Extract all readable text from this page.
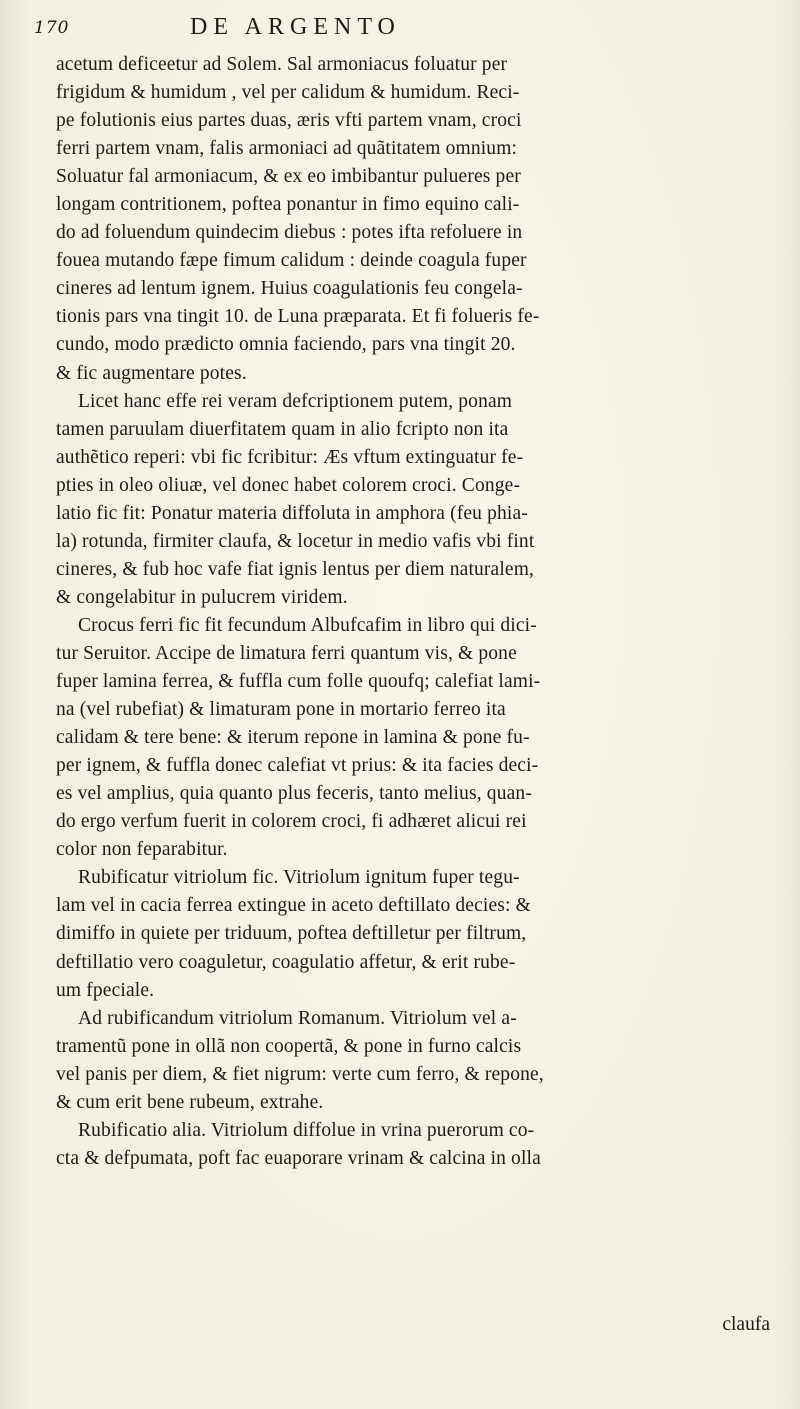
170	DE ARGENTO
acetum deficeetur ad Solem. Sal armoniacus foluatur per
frigidum & humidum , vel per calidum & humidum. Reci-
pe folutionis eius partes duas, æris vfti partem vnam, croci
ferri partem vnam, falis armoniaci ad quãtitatem omnium:
Soluatur fal armoniacum, & ex eo imbibantur pulueres per
longam contritionem, poftea ponantur in fimo equino cali-
do ad foluendum quindecim diebus : potes ifta refoluere in
fouea mutando fæpe fimum calidum : deinde coagula fuper
cineres ad lentum ignem. Huius coagulationis feu congela-
tionis pars vna tingit 10. de Luna præparata. Et fi folueris fe-
cundo, modo prædicto omnia faciendo, pars vna tingit 20.
& fic augmentare potes.
Licet hanc effe rei veram defcriptionem putem, ponam
tamen paruulam diuerfitatem quam in alio fcripto non ita
authẽtico reperi: vbi fic fcribitur: Æs vftum extinguatur fe-
pties in oleo oliuæ, vel donec habet colorem croci. Conge-
latio fic fit: Ponatur materia diffoluta in amphora (feu phia-
la) rotunda, firmiter claufa, & locetur in medio vafis vbi fint
cineres, & fub hoc vafe fiat ignis lentus per diem naturalem,
& congelabitur in pulucrem viridem.
Crocus ferri fic fit fecundum Albufcafim in libro qui dici-
tur Seruitor. Accipe de limatura ferri quantum vis, & pone
fuper lamina ferrea, & fuffla cum folle quoufq; calefiat lami-
na (vel rubefiat) & limaturam pone in mortario ferreo ita
calidam & tere bene: & iterum repone in lamina & pone fu-
per ignem, & fuffla donec calefiat vt prius: & ita facies deci-
es vel amplius, quia quanto plus feceris, tanto melius, quan-
do ergo verfum fuerit in colorem croci, fi adhæret alicui rei
color non feparabitur.
Rubificatur vitriolum fic. Vitriolum ignitum fuper tegu-
lam vel in cacia ferrea extingue in aceto deftillato decies: &
dimiffo in quiete per triduum, poftea deftilletur per filtrum,
deftillatio vero coaguletur, coagulatio affetur, & erit rube-
um fpeciale.
Ad rubificandum vitriolum Romanum. Vitriolum vel a-
tramentũ pone in ollã non coopertã, & pone in furno calcis
vel panis per diem, & fiet nigrum: verte cum ferro, & repone,
& cum erit bene rubeum, extrahe.
Rubificatio alia. Vitriolum diffolue in vrina puerorum co-
cta & defpumata, poft fac euaporare vrinam & calcina in olla
claufa
